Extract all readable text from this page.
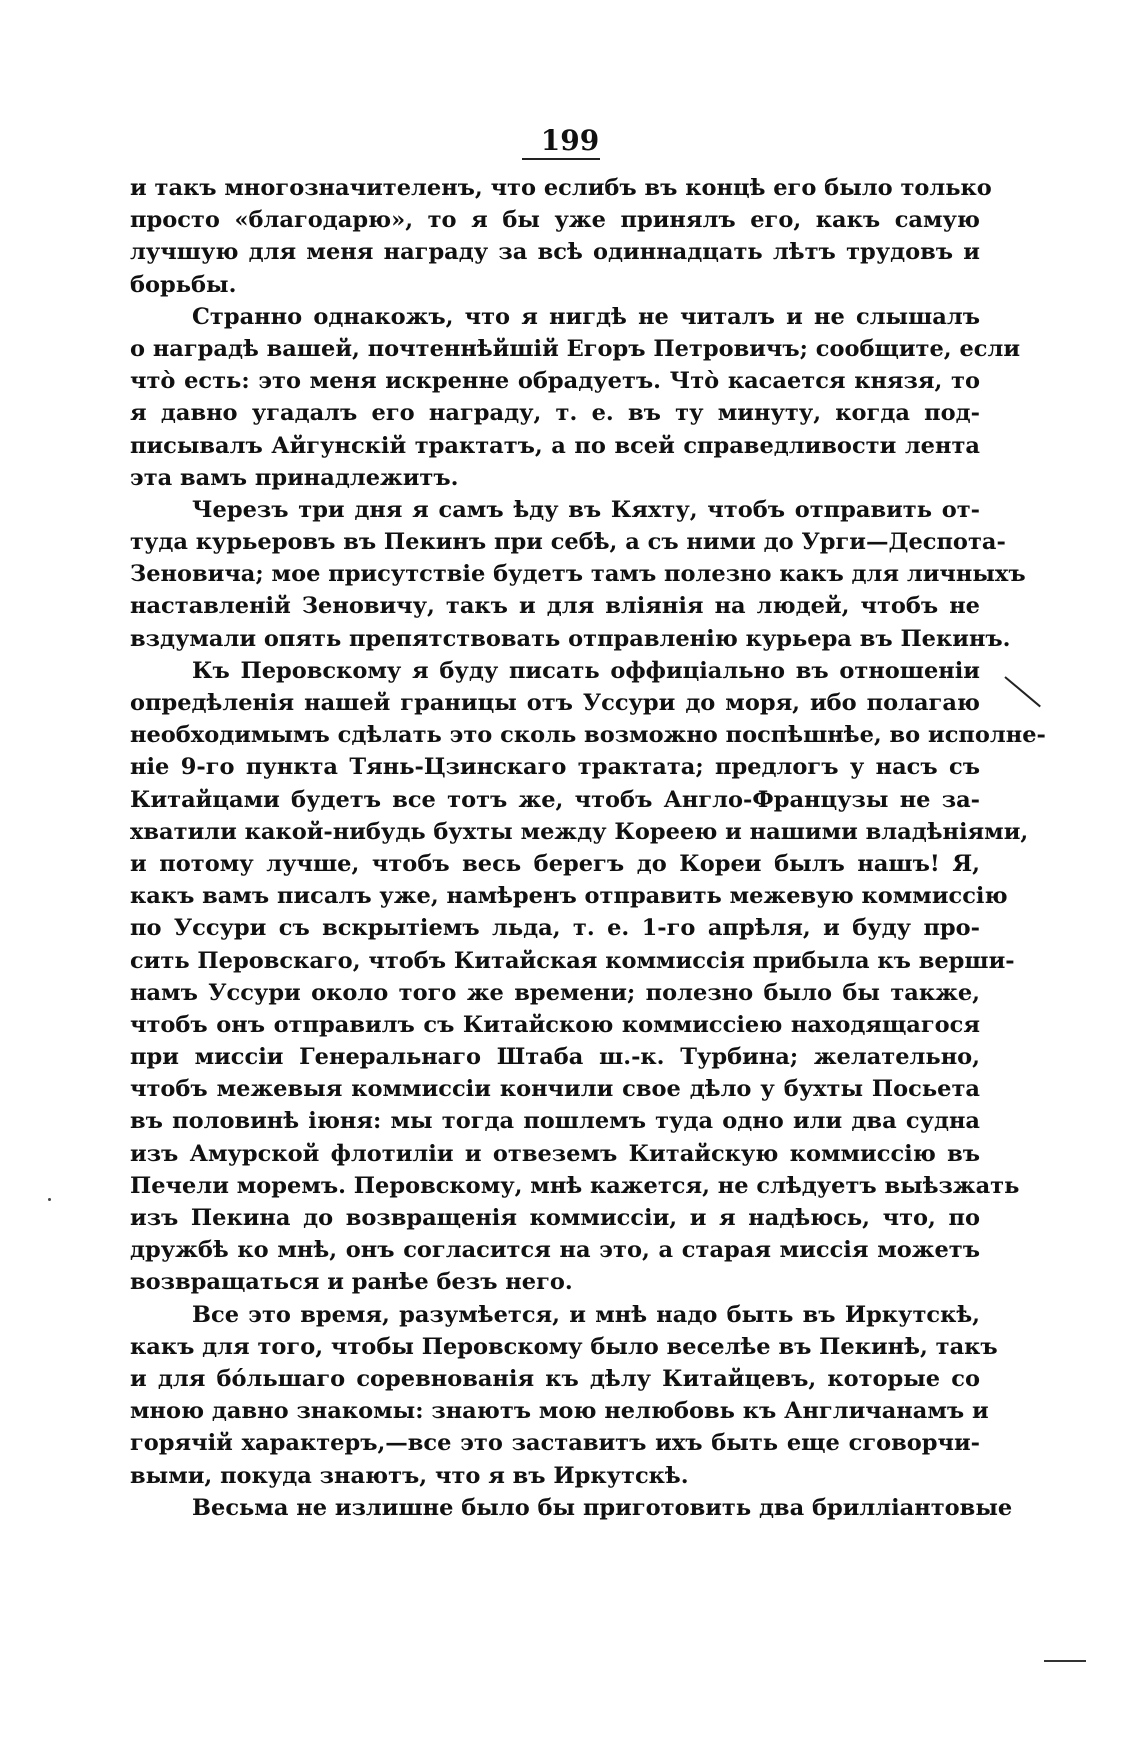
199
и такъ многозначителенъ, что еслибъ въ концѣ его было только
просто «благодарю», то я бы уже принялъ его, какъ самую
лучшую для меня награду за всѣ одиннадцать лѣтъ трудовъ и
борьбы.
Странно однакожъ, что я нигдѣ не читалъ и не слышалъ
о наградѣ вашей, почтеннѣйшій Егоръ Петровичъ; сообщите, если
чтò есть: это меня искренне обрадуетъ. Чтò касается князя, то
я давно угадалъ его награду, т. е. въ ту минуту, когда под-
писывалъ Айгунскій трактатъ, а по всей справедливости лента
эта вамъ принадлежитъ.
Черезъ три дня я самъ ѣду въ Кяхту, чтобъ отправить от-
туда курьеровъ въ Пекинъ при себѣ, а съ ними до Урги—Деспота-
Зеновича; мое присутствіе будетъ тамъ полезно какъ для личныхъ
наставленій Зеновичу, такъ и для вліянія на людей, чтобъ не
вздумали опять препятствовать отправленію курьера въ Пекинъ.
Къ Перовскому я буду писать оффиціально въ отношеніи
опредѣленія нашей границы отъ Уссури до моря, ибо полагаю
необходимымъ сдѣлать это сколь возможно поспѣшнѣе, во исполне-
ніе 9-го пункта Тянь-Цзинскаго трактата; предлогъ у насъ съ
Китайцами будетъ все тотъ же, чтобъ Англо-Французы не за-
хватили какой-нибудь бухты между Кореею и нашими владѣніями,
и потому лучше, чтобъ весь берегъ до Кореи былъ нашъ! Я,
какъ вамъ писалъ уже, намѣренъ отправить межевую коммиссію
по Уссури съ вскрытіемъ льда, т. е. 1-го апрѣля, и буду про-
сить Перовскаго, чтобъ Китайская коммиссія прибыла къ верши-
намъ Уссури около того же времени; полезно было бы также,
чтобъ онъ отправилъ съ Китайскою коммиссіею находящагося
при миссіи Генеральнаго Штаба ш.-к. Турбина; желательно,
чтобъ межевыя коммиссіи кончили свое дѣло у бухты Посьета
въ половинѣ іюня: мы тогда пошлемъ туда одно или два судна
изъ Амурской флотиліи и отвеземъ Китайскую коммиссію въ
Печели моремъ. Перовскому, мнѣ кажется, не слѣдуетъ выѣзжать
изъ Пекина до возвращенія коммиссіи, и я надѣюсь, что, по
дружбѣ ко мнѣ, онъ согласится на это, а старая миссія можетъ
возвращаться и ранѣе безъ него.
Все это время, разумѣется, и мнѣ надо быть въ Иркутскѣ,
какъ для того, чтобы Перовскому было веселѣе въ Пекинѣ, такъ
и для бóльшаго соревнованія къ дѣлу Китайцевъ, которые со
мною давно знакомы: знаютъ мою нелюбовь къ Англичанамъ и
горячій характеръ,—все это заставитъ ихъ быть еще сговорчи-
выми, покуда знаютъ, что я въ Иркутскѣ.
Весьма не излишне было бы приготовить два бриллiантовые
